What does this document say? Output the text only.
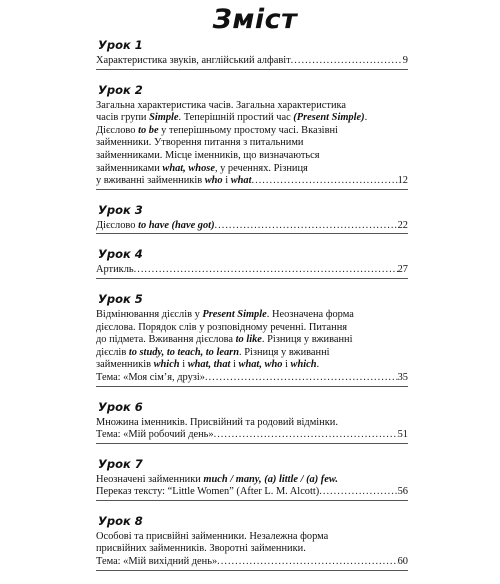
Зміст
Урок 1
Характеристика звуків, англійський алфавіт .....	9
Урок 2
Загальна характеристика часів. Загальна характеристика
часів групи Simple. Теперішній простий час (Present Simple).
Дієслово to be у теперішньому простому часі. Вказівні
займенники. Утворення питання з питальними
займенниками. Місце іменників, що визначаються
займенниками what, whose, у реченнях. Різниця
у вживанні займенників who і what .....	12
Урок 3
Дієслово to have (have got) .....	22
Урок 4
Артикль .....	27
Урок 5
Відмінювання дієслів у Present Simple. Неозначена форма
дієслова. Порядок слів у розповідному реченні. Питання
до підмета. Вживання дієслова to like. Різниця у вживанні
дієслів to study, to teach, to learn. Різниця у вживанні
займенників which і what, that і what, who і which.
Тема: «Моя сім’я, друзі» .....	35
Урок 6
Множина іменників. Присвійний та родовий відмінки.
Тема: «Мій робочий день» .....	51
Урок 7
Неозначені займенники much / many, (a) little / (a) few.
Переказ тексту: “Little Women” (After L. M. Alcott) .....	56
Урок 8
Особові та присвійні займенники. Незалежна форма
присвійних займенників. Зворотні займенники.
Тема: «Мій вихідний день» .....	60
